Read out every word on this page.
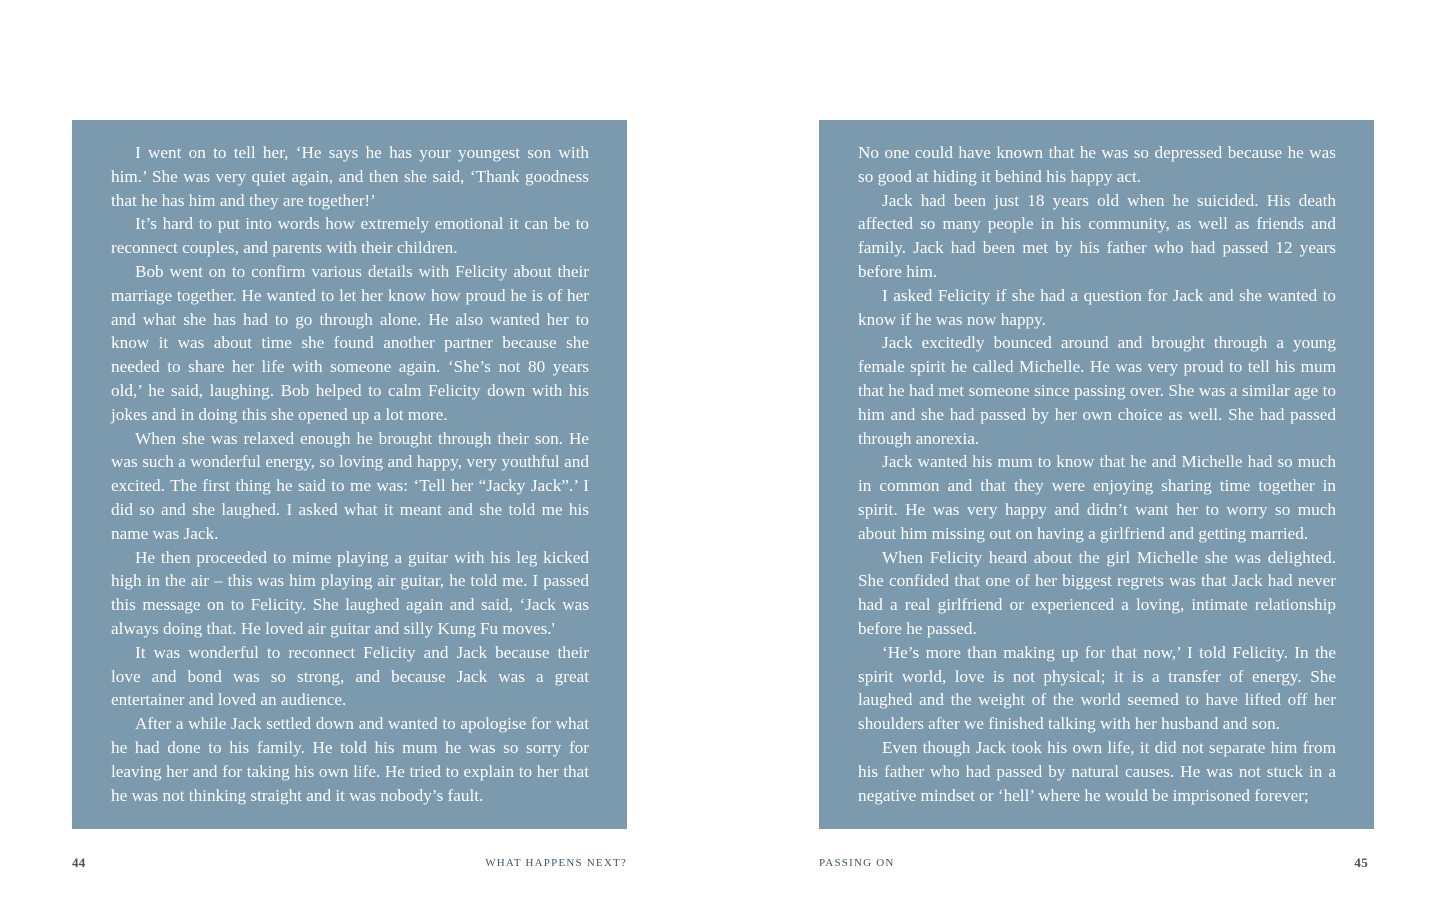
I went on to tell her, ‘He says he has your youngest son with him.’ She was very quiet again, and then she said, ‘Thank goodness that he has him and they are together!’

It’s hard to put into words how extremely emotional it can be to reconnect couples, and parents with their children.

Bob went on to confirm various details with Felicity about their marriage together. He wanted to let her know how proud he is of her and what she has had to go through alone. He also wanted her to know it was about time she found another partner because she needed to share her life with someone again. ‘She’s not 80 years old,’ he said, laughing. Bob helped to calm Felicity down with his jokes and in doing this she opened up a lot more.

When she was relaxed enough he brought through their son. He was such a wonderful energy, so loving and happy, very youthful and excited. The first thing he said to me was: ‘Tell her “Jacky Jack”.’ I did so and she laughed. I asked what it meant and she told me his name was Jack.

He then proceeded to mime playing a guitar with his leg kicked high in the air – this was him playing air guitar, he told me. I passed this message on to Felicity. She laughed again and said, ‘Jack was always doing that. He loved air guitar and silly Kung Fu moves.'

It was wonderful to reconnect Felicity and Jack because their love and bond was so strong, and because Jack was a great entertainer and loved an audience.

After a while Jack settled down and wanted to apologise for what he had done to his family. He told his mum he was so sorry for leaving her and for taking his own life. He tried to explain to her that he was not thinking straight and it was nobody’s fault.

44	WHAT HAPPENS NEXT?

No one could have known that he was so depressed because he was so good at hiding it behind his happy act.

Jack had been just 18 years old when he suicided. His death affected so many people in his community, as well as friends and family. Jack had been met by his father who had passed 12 years before him.

I asked Felicity if she had a question for Jack and she wanted to know if he was now happy.

Jack excitedly bounced around and brought through a young female spirit he called Michelle. He was very proud to tell his mum that he had met someone since passing over. She was a similar age to him and she had passed by her own choice as well. She had passed through anorexia.

Jack wanted his mum to know that he and Michelle had so much in common and that they were enjoying sharing time together in spirit. He was very happy and didn’t want her to worry so much about him missing out on having a girlfriend and getting married.

When Felicity heard about the girl Michelle she was delighted. She confided that one of her biggest regrets was that Jack had never had a real girlfriend or experienced a loving, intimate relationship before he passed.

‘He’s more than making up for that now,’ I told Felicity. In the spirit world, love is not physical; it is a transfer of energy. She laughed and the weight of the world seemed to have lifted off her shoulders after we finished talking with her husband and son.

Even though Jack took his own life, it did not separate him from his father who had passed by natural causes. He was not stuck in a negative mindset or ‘hell’ where he would be imprisoned forever;

PASSING ON	45
